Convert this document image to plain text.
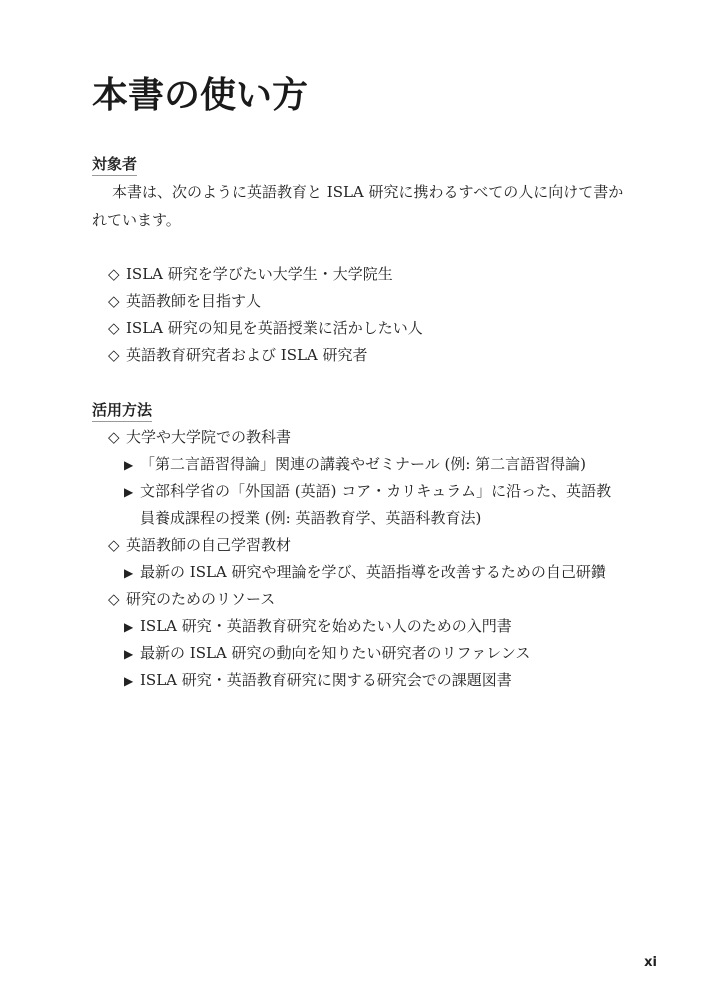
本書の使い方
対象者

本書は、次のように英語教育と ISLA 研究に携わるすべての人に向けて書か

れています。

◇ ISLA 研究を学びたい大学生・大学院生
◇ 英語教師を目指す人
◇ ISLA 研究の知見を英語授業に活かしたい人
◇ 英語教育研究者および ISLA 研究者
活用方法
◇ 大学や大学院での教科書
▶ 「第二言語習得論」関連の講義やゼミナール (例: 第二言語習得論)
▶ 文部科学省の「外国語 (英語) コア・カリキュラム」に沿った、英語教
員養成課程の授業 (例: 英語教育学、英語科教育法)
◇ 英語教師の自己学習教材
▶ 最新の ISLA 研究や理論を学び、英語指導を改善するための自己研鑽
◇ 研究のためのリソース
▶ ISLA 研究・英語教育研究を始めたい人のための入門書
▶ 最新の ISLA 研究の動向を知りたい研究者のリファレンス
▶ ISLA 研究・英語教育研究に関する研究会での課題図書
xi
